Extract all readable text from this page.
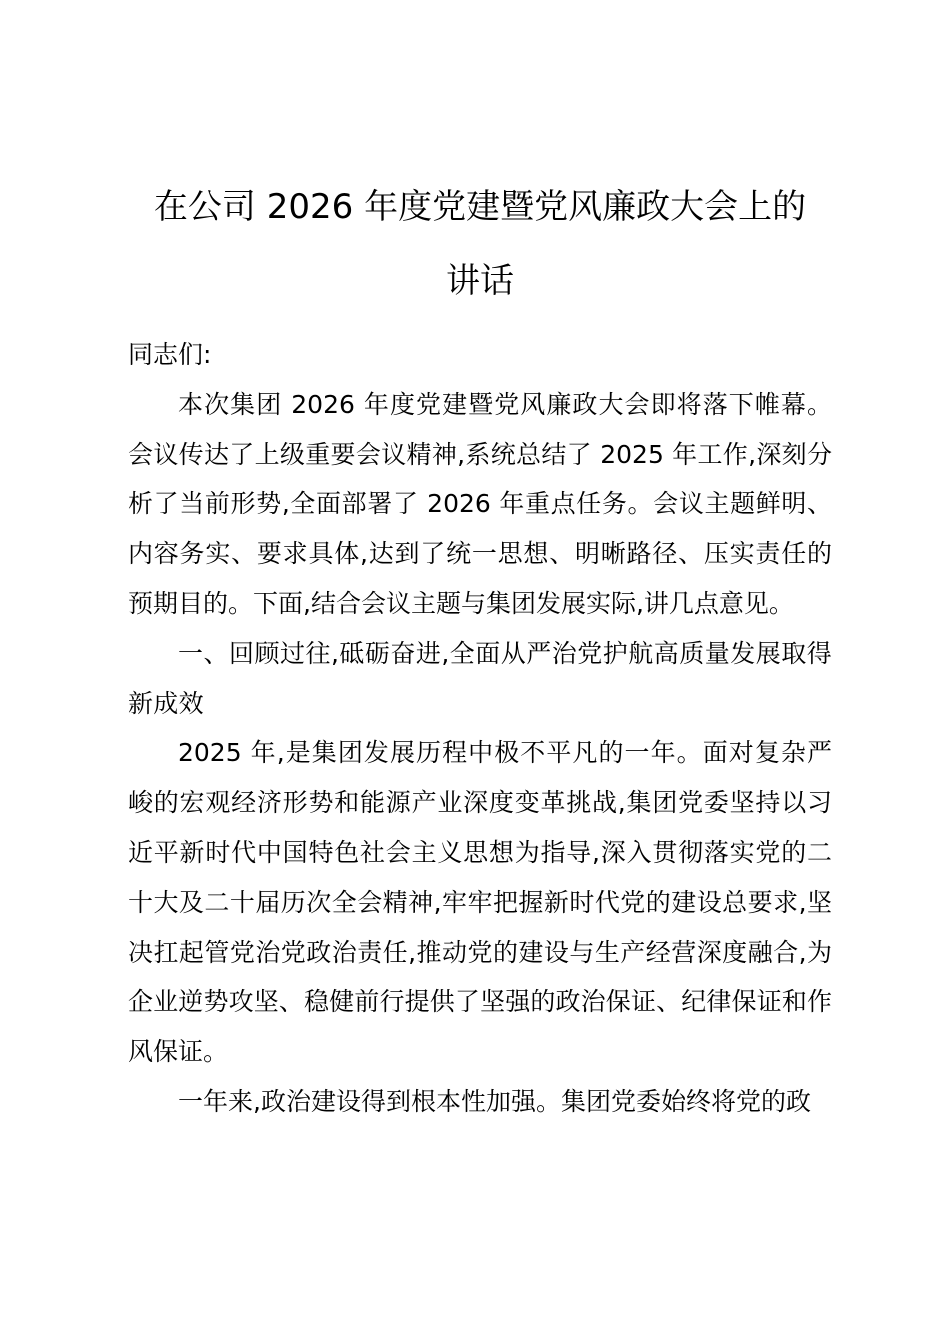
在公司 2026 年度党建暨党风廉政大会上的
讲话

同志们:

本次集团 2026 年度党建暨党风廉政大会即将落下帷幕。会议传达了上级重要会议精神,系统总结了 2025 年工作,深刻分析了当前形势,全面部署了 2026 年重点任务。会议主题鲜明、内容务实、要求具体,达到了统一思想、明晰路径、压实责任的预期目的。下面,结合会议主题与集团发展实际,讲几点意见。

一、回顾过往,砥砺奋进,全面从严治党护航高质量发展取得新成效

2025 年,是集团发展历程中极不平凡的一年。面对复杂严峻的宏观经济形势和能源产业深度变革挑战,集团党委坚持以习近平新时代中国特色社会主义思想为指导,深入贯彻落实党的二十大及二十届历次全会精神,牢牢把握新时代党的建设总要求,坚决扛起管党治党政治责任,推动党的建设与生产经营深度融合,为企业逆势攻坚、稳健前行提供了坚强的政治保证、纪律保证和作风保证。

一年来,政治建设得到根本性加强。集团党委始终将党的政
